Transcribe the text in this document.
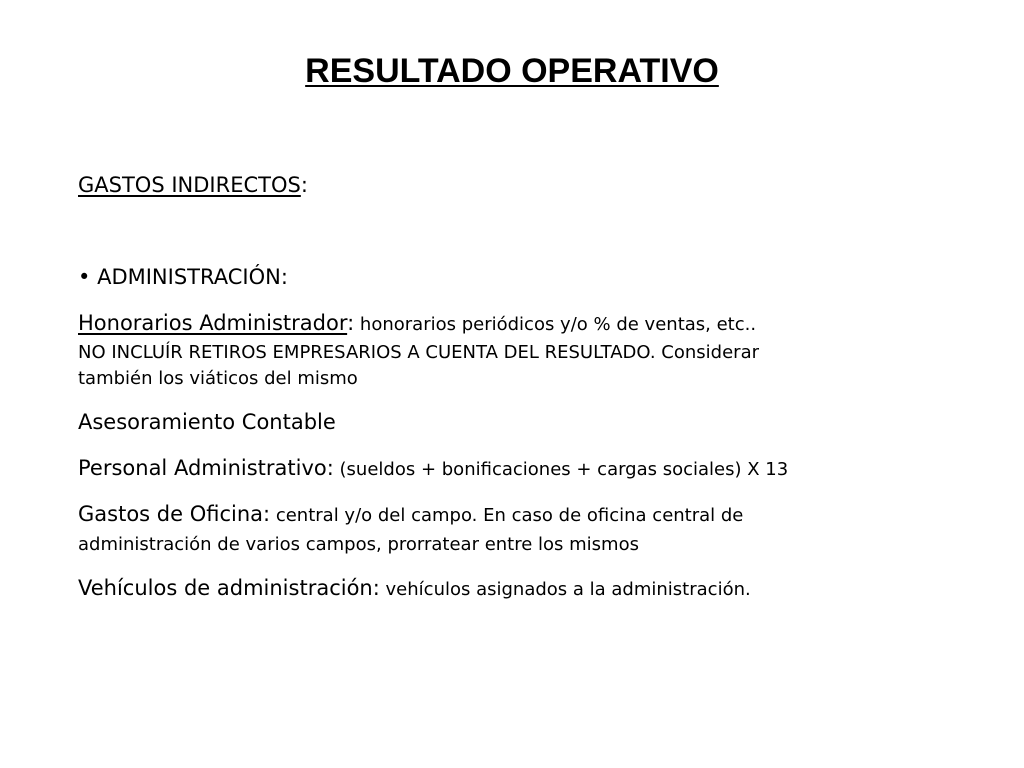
RESULTADO OPERATIVO
GASTOS INDIRECTOS:
• ADMINISTRACIÓN:
Honorarios Administrador: honorarios periódicos y/o % de ventas, etc..
NO INCLUÍR RETIROS EMPRESARIOS A CUENTA DEL RESULTADO. Considerar
también los viáticos del mismo
Asesoramiento Contable
Personal Administrativo: (sueldos + bonificaciones + cargas sociales) X 13
Gastos de Oficina: central y/o del campo. En caso de oficina central de
administración de varios campos, prorratear entre los mismos
Vehículos de administración: vehículos asignados a la administración.
